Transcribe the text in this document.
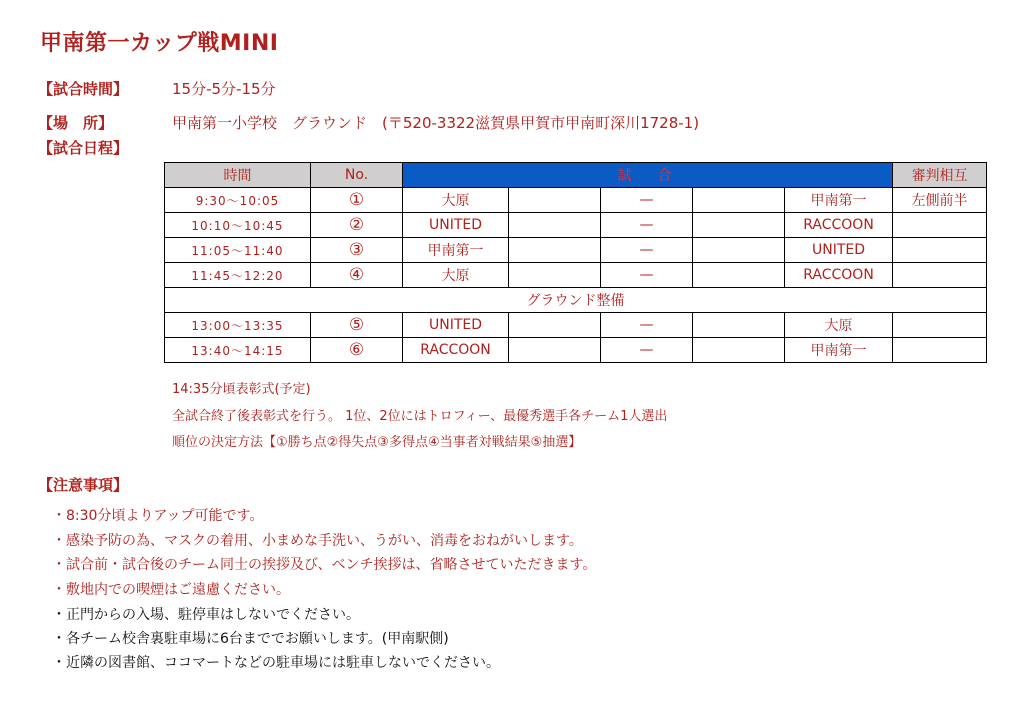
甲南第一カップ戦MINI
【試合時間】	15分-5分-15分
【場　所】	甲南第一小学校　グラウンド　(〒520-3322滋賀県甲賀市甲南町深川1728-1)
【試合日程】
時間	No.	試　合					審判相互
9:30〜10:05	①	大原		—		甲南第一	左側前半
10:10〜10:45	②	UNITED		—		RACCOON	
11:05〜11:40	③	甲南第一		—		UNITED	
11:45〜12:20	④	大原		—		RACCOON	
グラウンド整備							
13:00〜13:35	⑤	UNITED		—		大原	
13:40〜14:15	⑥	RACCOON		—		甲南第一	
14:35分頃表彰式(予定)
全試合終了後表彰式を行う。 1位、2位にはトロフィー、最優秀選手各チーム1人選出
順位の決定方法【①勝ち点②得失点③多得点④当事者対戦結果⑤抽選】
【注意事項】
・8:30分頃よりアップ可能です。
・感染予防の為、マスクの着用、小まめな手洗い、うがい、消毒をおねがいします。
・試合前・試合後のチーム同士の挨拶及び、ベンチ挨拶は、省略させていただきます。
・敷地内での喫煙はご遠慮ください。
・正門からの入場、駐停車はしないでください。
・各チーム校舎裏駐車場に6台まででお願いします。(甲南駅側)
・近隣の図書館、ココマートなどの駐車場には駐車しないでください。
